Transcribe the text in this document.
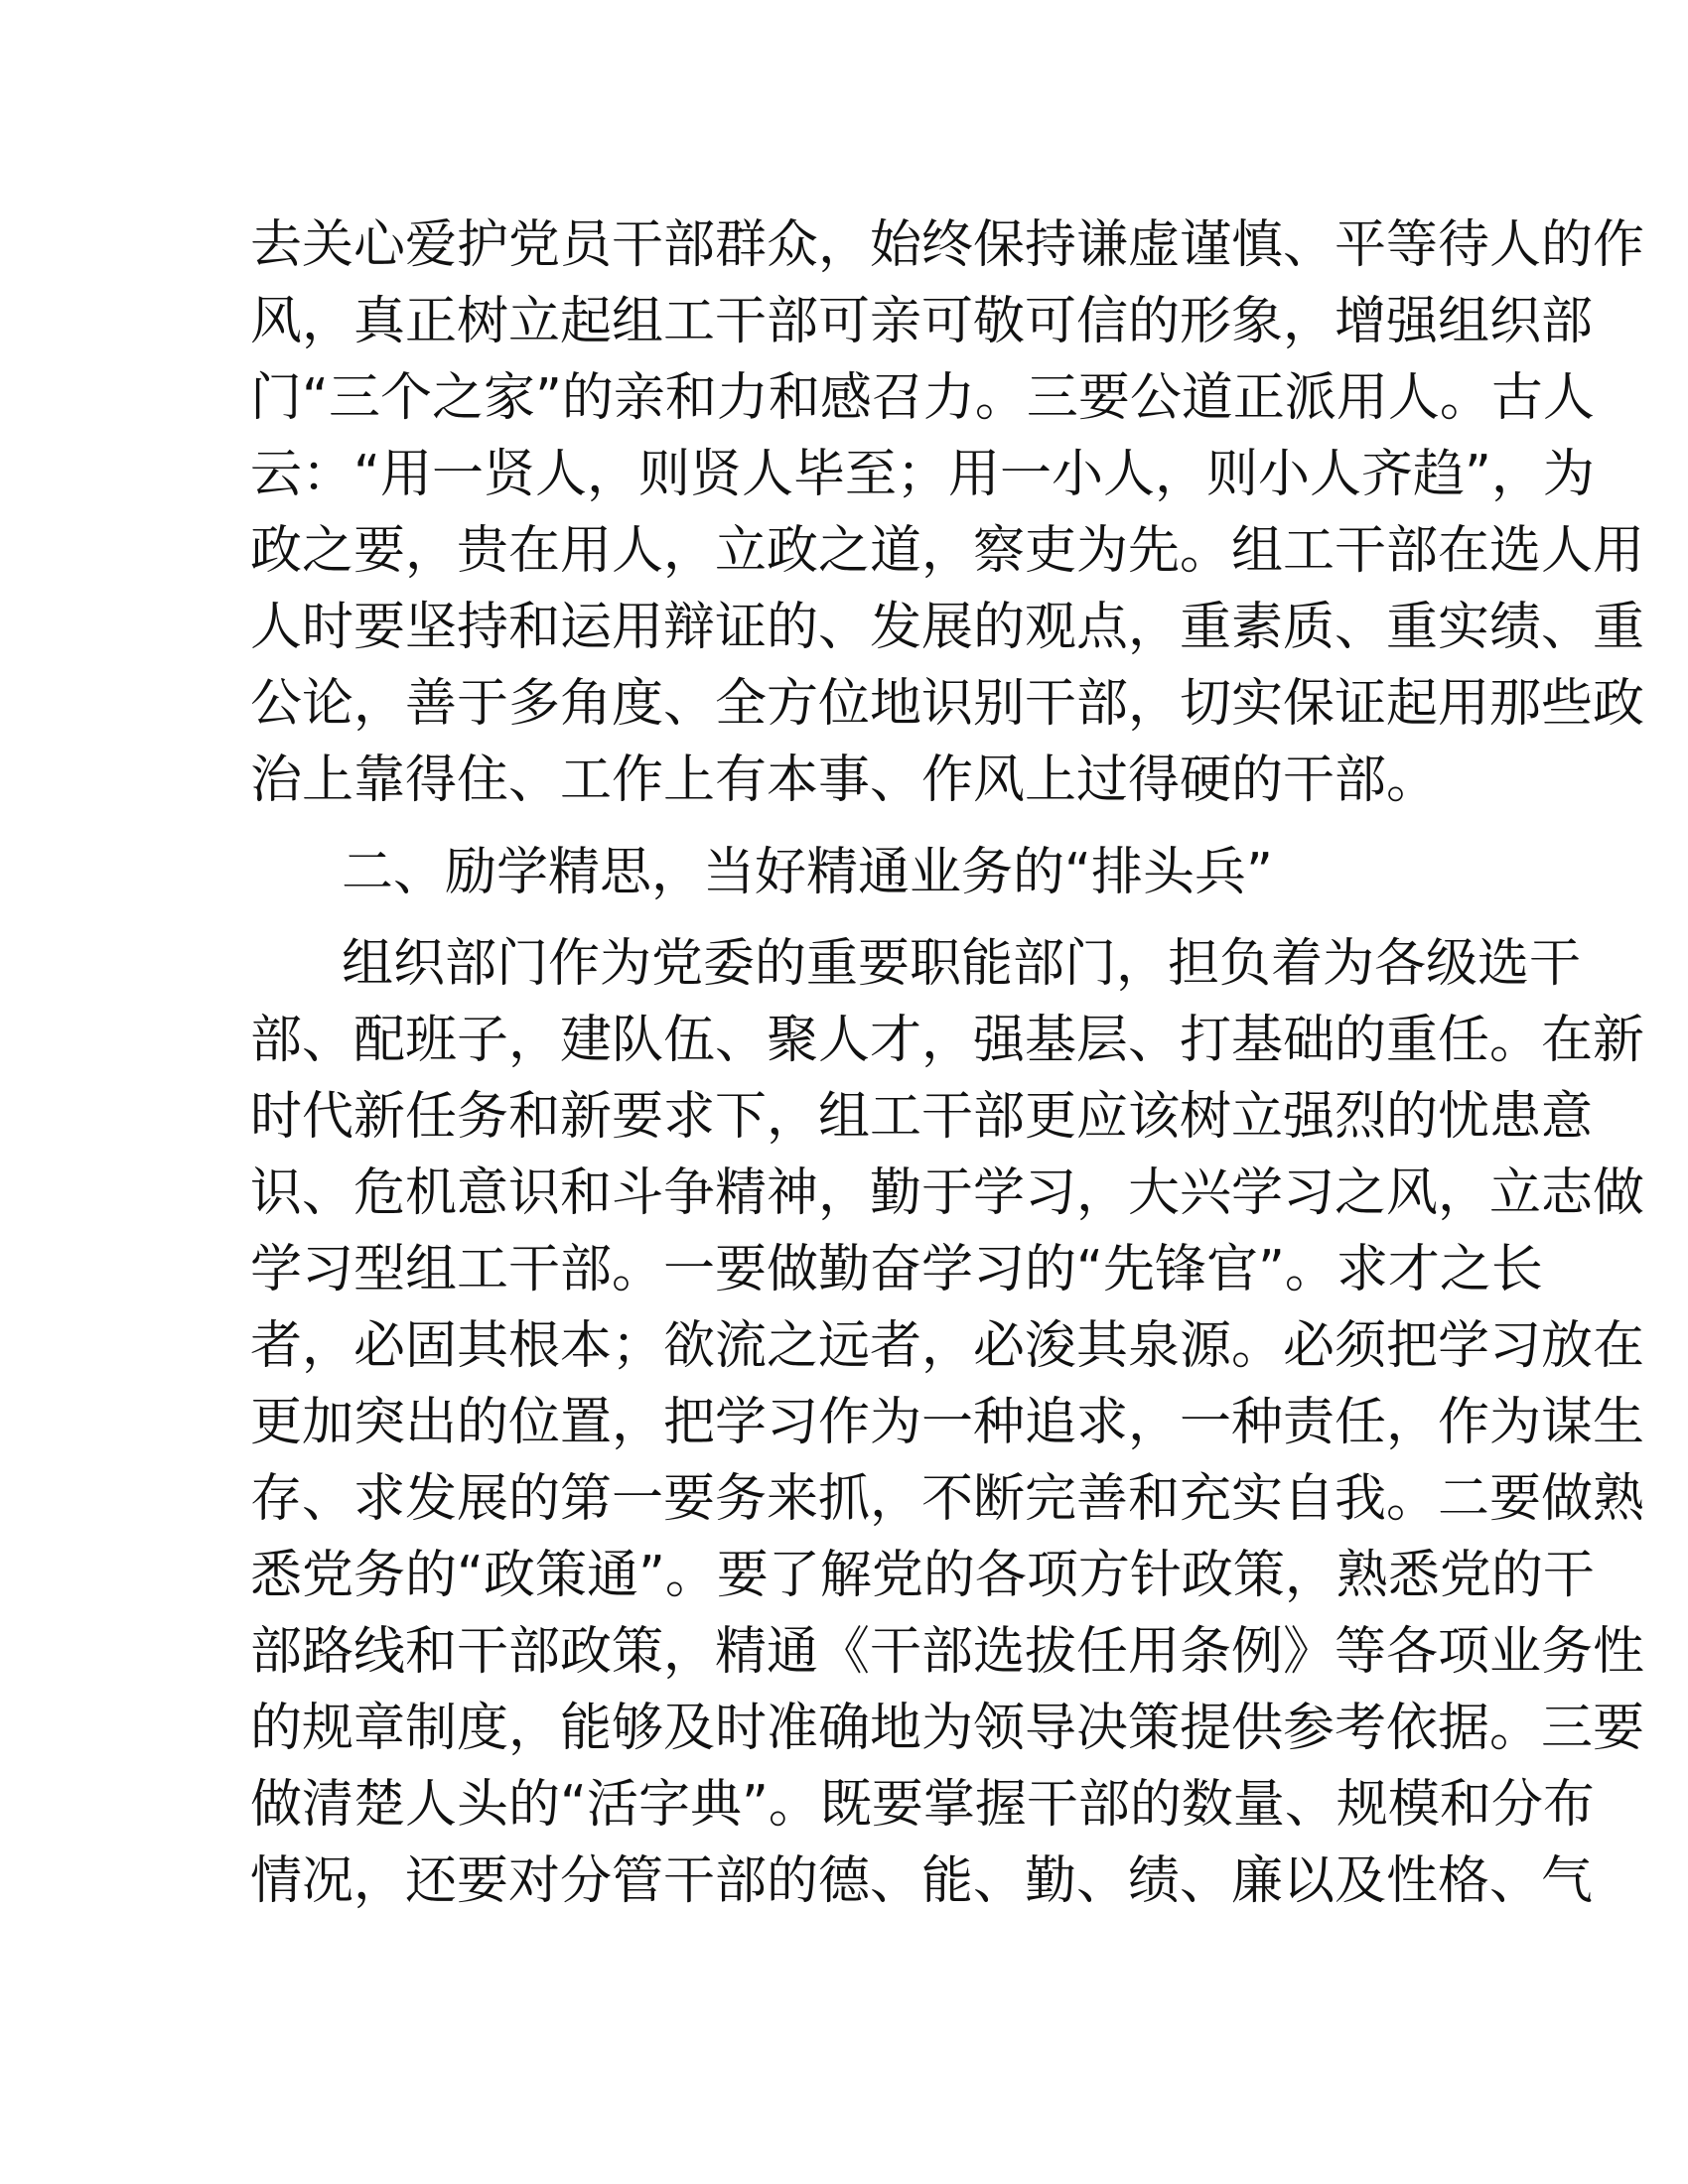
去关心爱护党员干部群众，始终保持谦虚谨慎、平等待人的作
风，真正树立起组工干部可亲可敬可信的形象，增强组织部
门“三个之家”的亲和力和感召力。三要公道正派用人。古人
云：“用一贤人，则贤人毕至；用一小人，则小人齐趋”，为
政之要，贵在用人，立政之道，察吏为先。组工干部在选人用
人时要坚持和运用辩证的、发展的观点，重素质、重实绩、重
公论，善于多角度、全方位地识别干部，切实保证起用那些政
治上靠得住、工作上有本事、作风上过得硬的干部。
二、励学精思，当好精通业务的“排头兵”
组织部门作为党委的重要职能部门，担负着为各级选干
部、配班子，建队伍、聚人才，强基层、打基础的重任。在新
时代新任务和新要求下，组工干部更应该树立强烈的忧患意
识、危机意识和斗争精神，勤于学习，大兴学习之风，立志做
学习型组工干部。一要做勤奋学习的“先锋官”。求才之长
者，必固其根本；欲流之远者，必浚其泉源。必须把学习放在
更加突出的位置，把学习作为一种追求，一种责任，作为谋生
存、求发展的第一要务来抓，不断完善和充实自我。二要做熟
悉党务的“政策通”。要了解党的各项方针政策，熟悉党的干
部路线和干部政策，精通《干部选拔任用条例》等各项业务性
的规章制度，能够及时准确地为领导决策提供参考依据。三要
做清楚人头的“活字典”。既要掌握干部的数量、规模和分布
情况，还要对分管干部的德、能、勤、绩、廉以及性格、气
